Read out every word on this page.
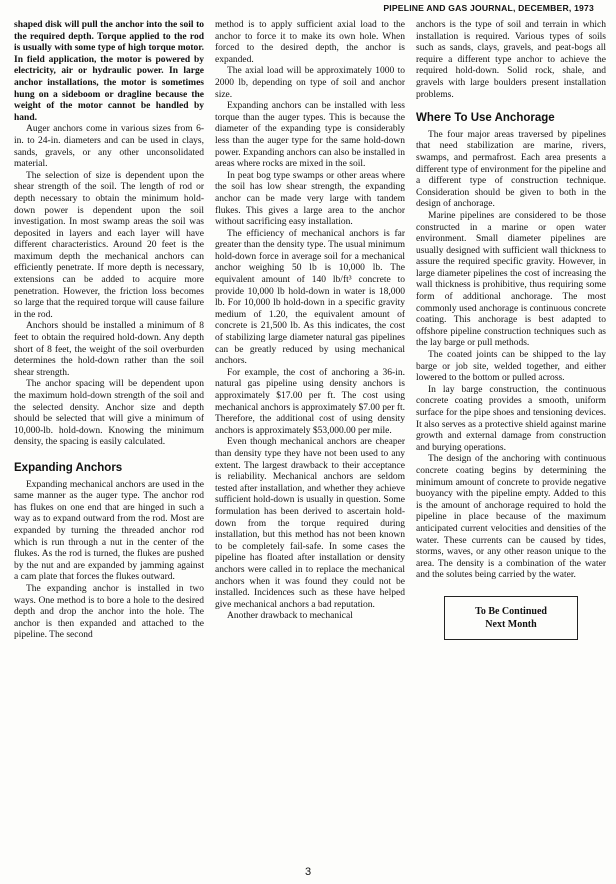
PIPELINE AND GAS JOURNAL, DECEMBER, 1973

shaped disk will pull the anchor into the soil to the required depth. Torque applied to the rod is usually with some type of high torque motor. In field application, the motor is powered by electricity, air or hydraulic power. In large anchor installations, the motor is sometimes hung on a sideboom or dragline because the weight of the motor cannot be handled by hand.

Auger anchors come in various sizes from 6-in. to 24-in. diameters and can be used in clays, sands, gravels, or any other unconsolidated material.

The selection of size is dependent upon the shear strength of the soil. The length of rod or depth necessary to obtain the minimum hold-down power is dependent upon the soil investigation. In most swamp areas the soil was deposited in layers and each layer will have different characteristics. Around 20 feet is the maximum depth the mechanical anchors can efficiently penetrate. If more depth is necessary, extensions can be added to acquire more penetration. However, the friction loss becomes so large that the required torque will cause failure in the rod.

Anchors should be installed a minimum of 8 feet to obtain the required hold-down. Any depth short of 8 feet, the weight of the soil overburden determines the hold-down rather than the soil shear strength.

The anchor spacing will be dependent upon the maximum hold-down strength of the soil and the selected density. Anchor size and depth should be selected that will give a minimum of 10,000-lb. hold-down. Knowing the minimum density, the spacing is easily calculated.

Expanding Anchors

Expanding mechanical anchors are used in the same manner as the auger type. The anchor rod has flukes on one end that are hinged in such a way as to expand outward from the rod. Most are expanded by turning the threaded anchor rod which is run through a nut in the center of the flukes. As the rod is turned, the flukes are pushed by the nut and are expanded by jamming against a cam plate that forces the flukes outward.

The expanding anchor is installed in two ways. One method is to bore a hole to the desired depth and drop the anchor into the hole. The anchor is then expanded and attached to the pipeline. The second

method is to apply sufficient axial load to the anchor to force it to make its own hole. When forced to the desired depth, the anchor is expanded.

The axial load will be approximately 1000 to 2000 lb, depending on type of soil and anchor size.

Expanding anchors can be installed with less torque than the auger types. This is because the diameter of the expanding type is considerably less than the auger type for the same hold-down power. Expanding anchors can also be installed in areas where rocks are mixed in the soil.

In peat bog type swamps or other areas where the soil has low shear strength, the expanding anchor can be made very large with tandem flukes. This gives a large area to the anchor without sacrificing easy installation.

The efficiency of mechanical anchors is far greater than the density type. The usual minimum hold-down force in average soil for a mechanical anchor weighing 50 lb is 10,000 lb. The equivalent amount of 140 lb/ft³ concrete to provide 10,000 lb hold-down in water is 18,000 lb. For 10,000 lb hold-down in a specific gravity medium of 1.20, the equivalent amount of concrete is 21,500 lb. As this indicates, the cost of stabilizing large diameter natural gas pipelines can be greatly reduced by using mechanical anchors.

For example, the cost of anchoring a 36-in. natural gas pipeline using density anchors is approximately $17.00 per ft. The cost using mechanical anchors is approximately $7.00 per ft. Therefore, the additional cost of using density anchors is approximately $53,000.00 per mile.

Even though mechanical anchors are cheaper than density type they have not been used to any extent. The largest drawback to their acceptance is reliability. Mechanical anchors are seldom tested after installation, and whether they achieve sufficient hold-down is usually in question. Some formulation has been derived to ascertain hold-down from the torque required during installation, but this method has not been known to be completely fail-safe. In some cases the pipeline has floated after installation or density anchors were called in to replace the mechanical anchors when it was found they could not be installed. Incidences such as these have helped give mechanical anchors a bad reputation.

Another drawback to mechanical

anchors is the type of soil and terrain in which installation is required. Various types of soils such as sands, clays, gravels, and peat-bogs all require a different type anchor to achieve the required hold-down. Solid rock, shale, and gravels with large boulders present installation problems.

Where To Use Anchorage

The four major areas traversed by pipelines that need stabilization are marine, rivers, swamps, and permafrost. Each area presents a different type of environment for the pipeline and a different type of construction technique. Consideration should be given to both in the design of anchorage.

Marine pipelines are considered to be those constructed in a marine or open water environment. Small diameter pipelines are usually designed with sufficient wall thickness to assure the required specific gravity. However, in large diameter pipelines the cost of increasing the wall thickness is prohibitive, thus requiring some form of additional anchorage. The most commonly used anchorage is continuous concrete coating. This anchorage is best adapted to offshore pipeline construction techniques such as the lay barge or pull methods.

The coated joints can be shipped to the lay barge or job site, welded together, and either lowered to the bottom or pulled across.

In lay barge construction, the continuous concrete coating provides a smooth, uniform surface for the pipe shoes and tensioning devices. It also serves as a protective shield against marine growth and external damage from construction and burying operations.

The design of the anchoring with continuous concrete coating begins by determining the minimum amount of concrete to provide negative buoyancy with the pipeline empty. Added to this is the amount of anchorage required to hold the pipeline in place because of the maximum anticipated current velocities and densities of the water. These currents can be caused by tides, storms, waves, or any other reason unique to the area. The density is a combination of the water and the solutes being carried by the water.

To Be Continued
Next Month
3
